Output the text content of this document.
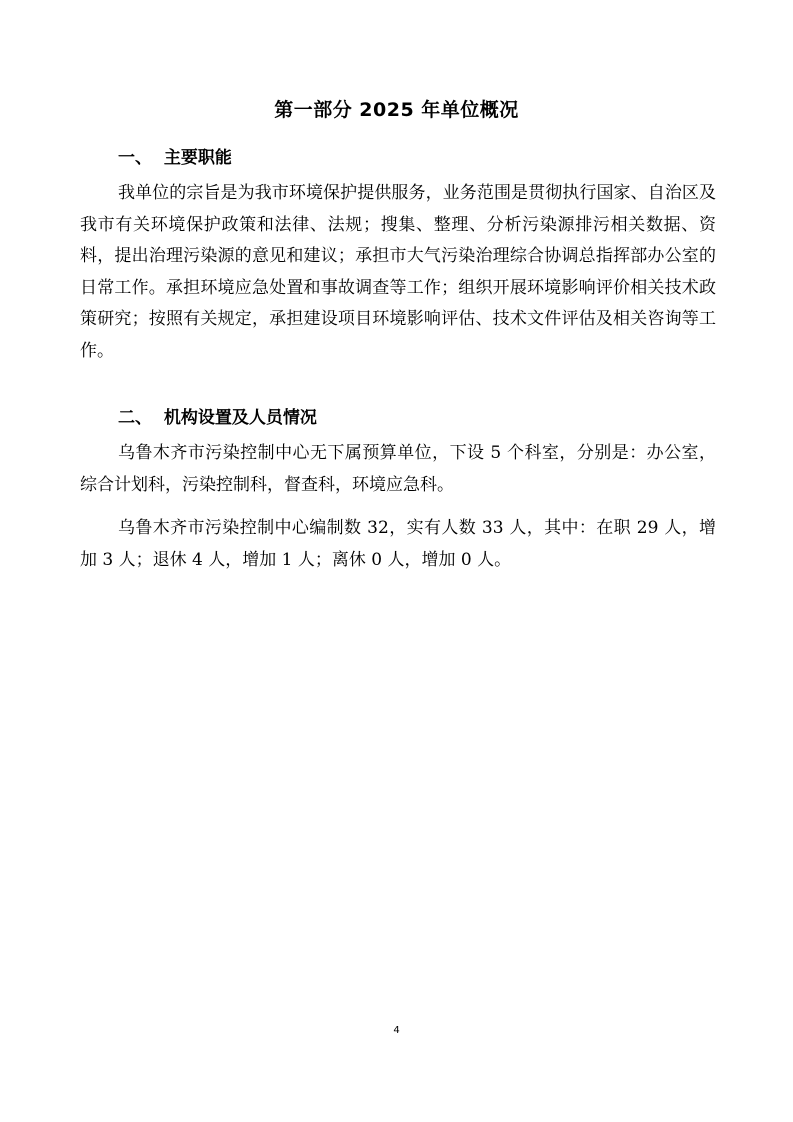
第一部分 2025 年单位概况
一、  主要职能
我单位的宗旨是为我市环境保护提供服务，业务范围是贯彻执行国家、自治区及我市有关环境保护政策和法律、法规；搜集、整理、分析污染源排污相关数据、资料，提出治理污染源的意见和建议；承担市大气污染治理综合协调总指挥部办公室的日常工作。承担环境应急处置和事故调查等工作；组织开展环境影响评价相关技术政策研究；按照有关规定，承担建设项目环境影响评估、技术文件评估及相关咨询等工作。
二、  机构设置及人员情况
乌鲁木齐市污染控制中心无下属预算单位，下设 5 个科室，分别是：办公室，综合计划科，污染控制科，督查科，环境应急科。
乌鲁木齐市污染控制中心编制数 32，实有人数 33 人，其中：在职 29 人，增加 3 人；退休 4 人，增加 1 人；离休 0 人，增加 0 人。
4
